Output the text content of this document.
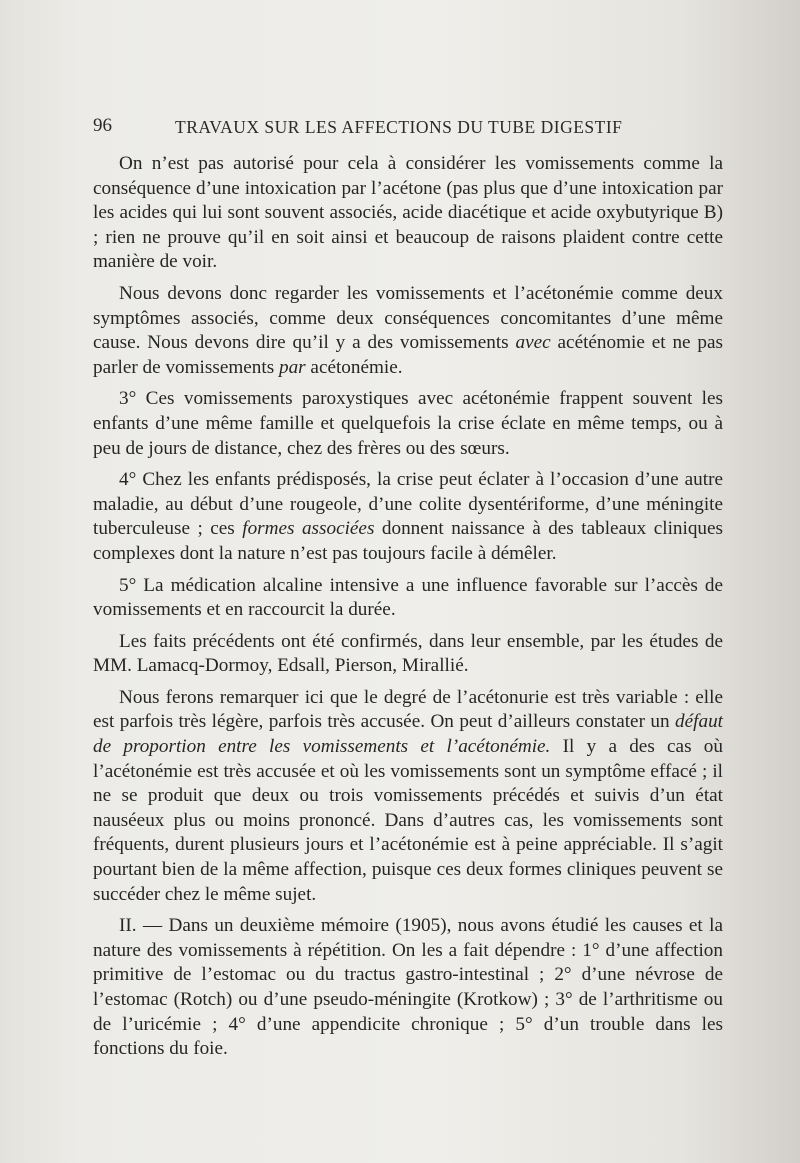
96	TRAVAUX SUR LES AFFECTIONS DU TUBE DIGESTIF

On n’est pas autorisé pour cela à considérer les vomissements comme la conséquence d’une intoxication par l’acétone (pas plus que d’une intoxication par les acides qui lui sont souvent associés, acide diacétique et acide oxybutyrique B) ; rien ne prouve qu’il en soit ainsi et beaucoup de raisons plaident contre cette manière de voir.

Nous devons donc regarder les vomissements et l’acétonémie comme deux symptômes associés, comme deux conséquences concomitantes d’une même cause. Nous devons dire qu’il y a des vomissements avec acéténomie et ne pas parler de vomissements par acétonémie.

3° Ces vomissements paroxystiques avec acétonémie frappent souvent les enfants d’une même famille et quelquefois la crise éclate en même temps, ou à peu de jours de distance, chez des frères ou des sœurs.

4° Chez les enfants prédisposés, la crise peut éclater à l’occasion d’une autre maladie, au début d’une rougeole, d’une colite dysentériforme, d’une méningite tuberculeuse ; ces formes associées donnent naissance à des tableaux cliniques complexes dont la nature n’est pas toujours facile à démêler.

5° La médication alcaline intensive a une influence favorable sur l’accès de vomissements et en raccourcit la durée.

Les faits précédents ont été confirmés, dans leur ensemble, par les études de MM. Lamacq-Dormoy, Edsall, Pierson, Mirallié.

Nous ferons remarquer ici que le degré de l’acétonurie est très variable : elle est parfois très légère, parfois très accusée. On peut d’ailleurs constater un défaut de proportion entre les vomissements et l’acétonémie. Il y a des cas où l’acétonémie est très accusée et où les vomissements sont un symptôme effacé ; il ne se produit que deux ou trois vomissements précédés et suivis d’un état nauséeux plus ou moins prononcé. Dans d’autres cas, les vomissements sont fréquents, durent plusieurs jours et l’acétonémie est à peine appréciable. Il s’agit pourtant bien de la même affection, puisque ces deux formes cliniques peuvent se succéder chez le même sujet.

II. — Dans un deuxième mémoire (1905), nous avons étudié les causes et la nature des vomissements à répétition. On les a fait dépendre : 1° d’une affection primitive de l’estomac ou du tractus gastro-intestinal ; 2° d’une névrose de l’estomac (Rotch) ou d’une pseudo-méningite (Krotkow) ; 3° de l’arthritisme ou de l’uricémie ; 4° d’une appendicite chronique ; 5° d’un trouble dans les fonctions du foie.
